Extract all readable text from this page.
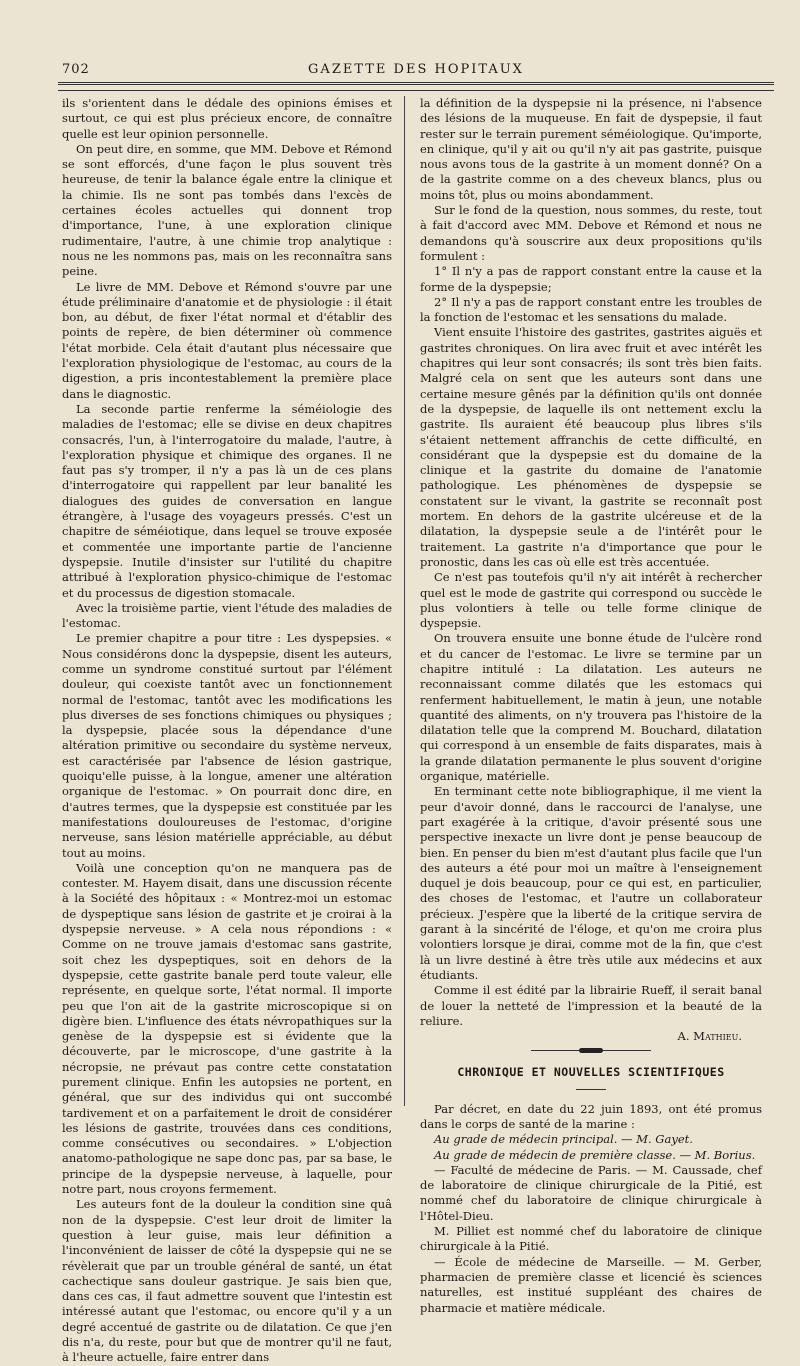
702	GAZETTE DES HOPITAUX

ils s'orientent dans le dédale des opinions émises et surtout, ce qui est plus précieux encore, de connaître quelle est leur opinion personnelle.

On peut dire, en somme, que MM. Debove et Rémond se sont efforcés, d'une façon le plus souvent très heureuse, de tenir la balance égale entre la clinique et la chimie. Ils ne sont pas tombés dans l'excès de certaines écoles actuelles qui donnent trop d'importance, l'une, à une exploration clinique rudimentaire, l'autre, à une chimie trop analytique : nous ne les nommons pas, mais on les reconnaîtra sans peine.

Le livre de MM. Debove et Rémond s'ouvre par une étude préliminaire d'anatomie et de physiologie : il était bon, au début, de fixer l'état normal et d'établir des points de repère, de bien déterminer où commence l'état morbide. Cela était d'autant plus nécessaire que l'exploration physiologique de l'estomac, au cours de la digestion, a pris incontestablement la première place dans le diagnostic.

La seconde partie renferme la séméiologie des maladies de l'estomac; elle se divise en deux chapitres consacrés, l'un, à l'interrogatoire du malade, l'autre, à l'exploration physique et chimique des organes. Il ne faut pas s'y tromper, il n'y a pas là un de ces plans d'interrogatoire qui rappellent par leur banalité les dialogues des guides de conversation en langue étrangère, à l'usage des voyageurs pressés. C'est un chapitre de séméiotique, dans lequel se trouve exposée et commentée une importante partie de l'ancienne dyspepsie. Inutile d'insister sur l'utilité du chapitre attribué à l'exploration physico-chimique de l'estomac et du processus de digestion stomacale.

Avec la troisième partie, vient l'étude des maladies de l'estomac.

Le premier chapitre a pour titre : Les dyspepsies. « Nous considérons donc la dyspepsie, disent les auteurs, comme un syndrome constitué surtout par l'élément douleur, qui coexiste tantôt avec un fonctionnement normal de l'estomac, tantôt avec les modifications les plus diverses de ses fonctions chimiques ou physiques ; la dyspepsie, placée sous la dépendance d'une altération primitive ou secondaire du système nerveux, est caractérisée par l'absence de lésion gastrique, quoiqu'elle puisse, à la longue, amener une altération organique de l'estomac. » On pourrait donc dire, en d'autres termes, que la dyspepsie est constituée par les manifestations douloureuses de l'estomac, d'origine nerveuse, sans lésion matérielle appréciable, au début tout au moins.

Voilà une conception qu'on ne manquera pas de contester. M. Hayem disait, dans une discussion récente à la Société des hôpitaux : « Montrez-moi un estomac de dyspeptique sans lésion de gastrite et je croirai à la dyspepsie nerveuse. » A cela nous répondions : « Comme on ne trouve jamais d'estomac sans gastrite, soit chez les dyspeptiques, soit en dehors de la dyspepsie, cette gastrite banale perd toute valeur, elle représente, en quelque sorte, l'état normal. Il importe peu que l'on ait de la gastrite microscopique si on digère bien. L'influence des états névropathiques sur la genèse de la dyspepsie est si évidente que la découverte, par le microscope, d'une gastrite à la nécropsie, ne prévaut pas contre cette constatation purement clinique. Enfin les autopsies ne portent, en général, que sur des individus qui ont succombé tardivement et on a parfaitement le droit de considérer les lésions de gastrite, trouvées dans ces conditions, comme consécutives ou secondaires. » L'objection anatomo-pathologique ne sape donc pas, par sa base, le principe de la dyspepsie nerveuse, à laquelle, pour notre part, nous croyons fermement.

Les auteurs font de la douleur la condition sine quâ non de la dyspepsie. C'est leur droit de limiter la question à leur guise, mais leur définition a l'inconvénient de laisser de côté la dyspepsie qui ne se révèlerait que par un trouble général de santé, un état cachectique sans douleur gastrique. Je sais bien que, dans ces cas, il faut admettre souvent que l'intestin est intéressé autant que l'estomac, ou encore qu'il y a un degré accentué de gastrite ou de dilatation. Ce que j'en dis n'a, du reste, pour but que de montrer qu'il ne faut, à l'heure actuelle, faire entrer dans

la définition de la dyspepsie ni la présence, ni l'absence des lésions de la muqueuse. En fait de dyspepsie, il faut rester sur le terrain purement séméiologique. Qu'importe, en clinique, qu'il y ait ou qu'il n'y ait pas gastrite, puisque nous avons tous de la gastrite à un moment donné? On a de la gastrite comme on a des cheveux blancs, plus ou moins tôt, plus ou moins abondamment.

Sur le fond de la question, nous sommes, du reste, tout à fait d'accord avec MM. Debove et Rémond et nous ne demandons qu'à souscrire aux deux propositions qu'ils formulent :

1° Il n'y a pas de rapport constant entre la cause et la forme de la dyspepsie;

2° Il n'y a pas de rapport constant entre les troubles de la fonction de l'estomac et les sensations du malade.

Vient ensuite l'histoire des gastrites, gastrites aiguës et gastrites chroniques. On lira avec fruit et avec intérêt les chapitres qui leur sont consacrés; ils sont très bien faits. Malgré cela on sent que les auteurs sont dans une certaine mesure gênés par la définition qu'ils ont donnée de la dyspepsie, de laquelle ils ont nettement exclu la gastrite. Ils auraient été beaucoup plus libres s'ils s'étaient nettement affranchis de cette difficulté, en considérant que la dyspepsie est du domaine de la clinique et la gastrite du domaine de l'anatomie pathologique. Les phénomènes de dyspepsie se constatent sur le vivant, la gastrite se reconnaît post mortem. En dehors de la gastrite ulcéreuse et de la dilatation, la dyspepsie seule a de l'intérêt pour le traitement. La gastrite n'a d'importance que pour le pronostic, dans les cas où elle est très accentuée.

Ce n'est pas toutefois qu'il n'y ait intérêt à rechercher quel est le mode de gastrite qui correspond ou succède le plus volontiers à telle ou telle forme clinique de dyspepsie.

On trouvera ensuite une bonne étude de l'ulcère rond et du cancer de l'estomac. Le livre se termine par un chapitre intitulé : La dilatation. Les auteurs ne reconnaissant comme dilatés que les estomacs qui renferment habituellement, le matin à jeun, une notable quantité des aliments, on n'y trouvera pas l'histoire de la dilatation telle que la comprend M. Bouchard, dilatation qui correspond à un ensemble de faits disparates, mais à la grande dilatation permanente le plus souvent d'origine organique, matérielle.

En terminant cette note bibliographique, il me vient la peur d'avoir donné, dans le raccourci de l'analyse, une part exagérée à la critique, d'avoir présenté sous une perspective inexacte un livre dont je pense beaucoup de bien. En penser du bien m'est d'autant plus facile que l'un des auteurs a été pour moi un maître à l'enseignement duquel je dois beaucoup, pour ce qui est, en particulier, des choses de l'estomac, et l'autre un collaborateur précieux. J'espère que la liberté de la critique servira de garant à la sincérité de l'éloge, et qu'on me croira plus volontiers lorsque je dirai, comme mot de la fin, que c'est là un livre destiné à être très utile aux médecins et aux étudiants.

Comme il est édité par la librairie Rueff, il serait banal de louer la netteté de l'impression et la beauté de la reliure.

A. Mathieu.
CHRONIQUE ET NOUVELLES SCIENTIFIQUES

Par décret, en date du 22 juin 1893, ont été promus dans le corps de santé de la marine :

Au grade de médecin principal. — M. Gayet.

Au grade de médecin de première classe. — M. Borius.

— Faculté de médecine de Paris. — M. Caussade, chef de laboratoire de clinique chirurgicale de la Pitié, est nommé chef du laboratoire de clinique chirurgicale à l'Hôtel-Dieu.

M. Pilliet est nommé chef du laboratoire de clinique chirurgicale à la Pitié.

— École de médecine de Marseille. — M. Gerber, pharmacien de première classe et licencié ès sciences naturelles, est institué suppléant des chaires de pharmacie et matière médicale.
